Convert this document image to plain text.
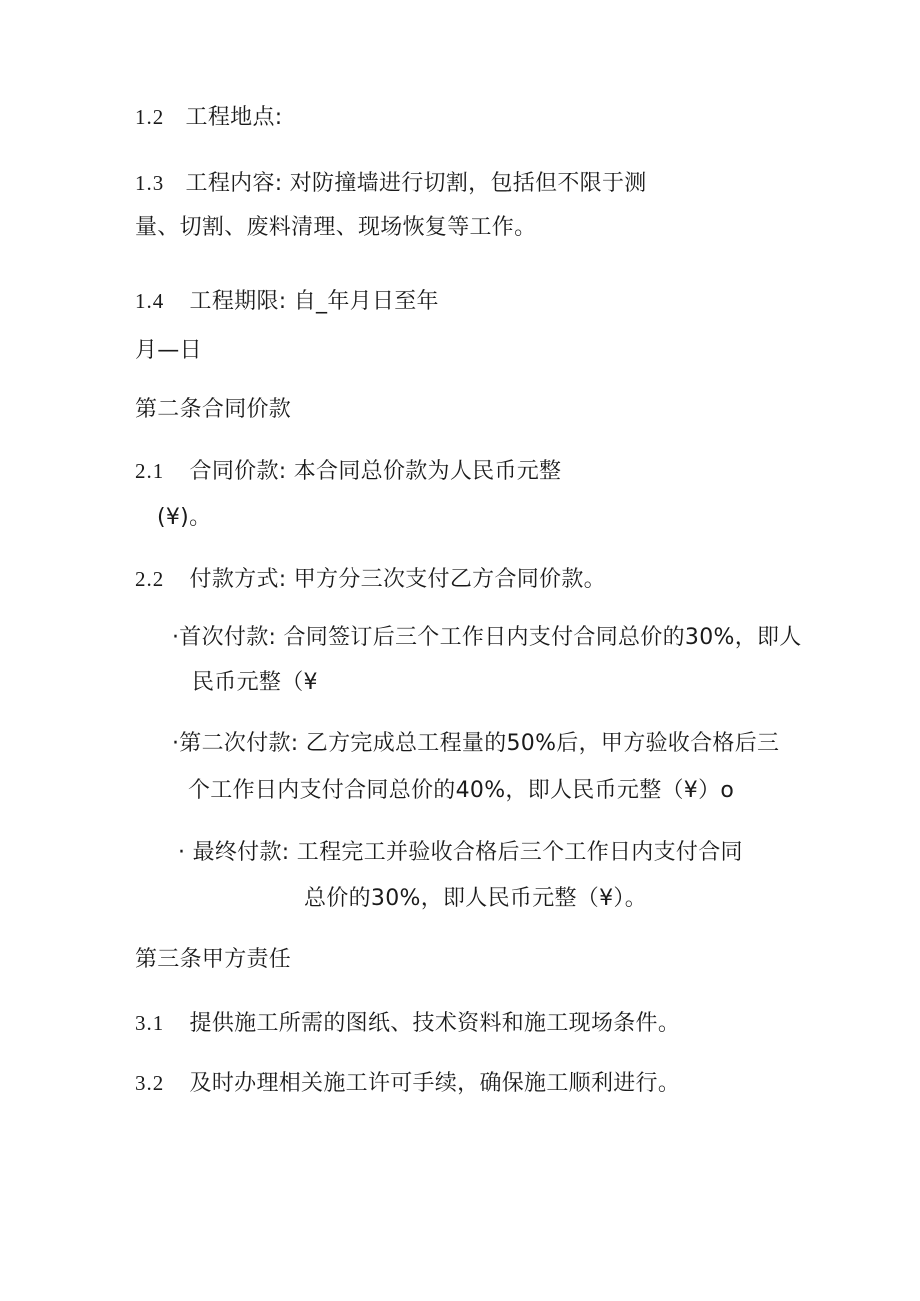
1.2 工程地点:
1.3 工程内容: 对防撞墙进行切割，包括但不限于测
量、切割、废料清理、现场恢复等工作。
1.4 工程期限: 自_年月日至年
月—日
第二条合同价款
2.1 合同价款: 本合同总价款为人民币元整
(¥)。
2.2 付款方式: 甲方分三次支付乙方合同价款。
·首次付款: 合同签订后三个工作日内支付合同总价的30%，即人
民币元整（¥
·第二次付款: 乙方完成总工程量的50%后，甲方验收合格后三
个工作日内支付合同总价的40%，即人民币元整（¥）o
· 最终付款: 工程完工并验收合格后三个工作日内支付合同
总价的30%，即人民币元整（¥）。
第三条甲方责任
3.1 提供施工所需的图纸、技术资料和施工现场条件。
3.2 及时办理相关施工许可手续，确保施工顺利进行。
